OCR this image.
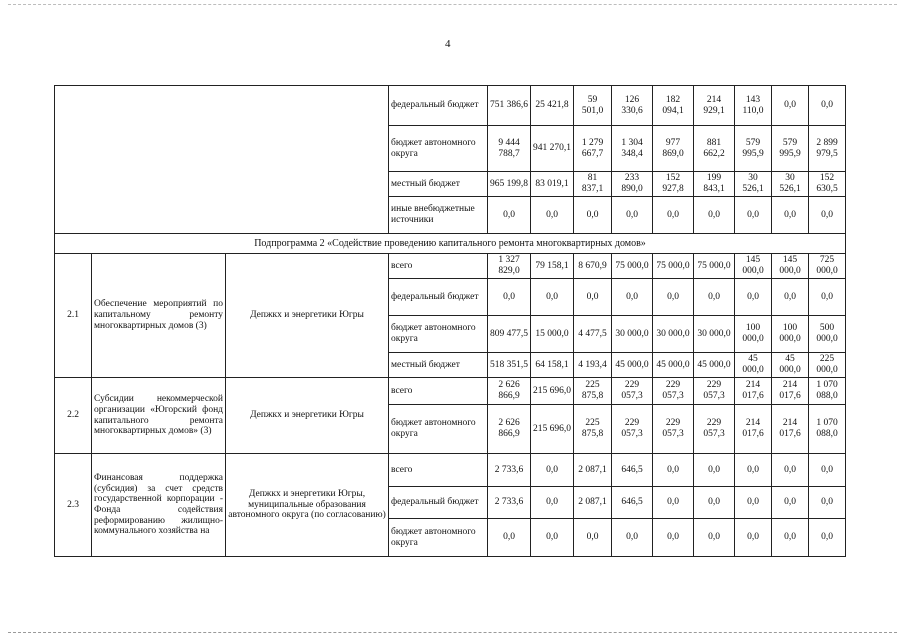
4
			федеральный бюджет	751 386,6	25 421,8	59 501,0	126 330,6	182 094,1	214 929,1	143 110,0	0,0	0,0
			бюджет автономного округа	9 444 788,7	941 270,1	1 279 667,7	1 304 348,4	977 869,0	881 662,2	579 995,9	579 995,9	2 899 979,5
			местный бюджет	965 199,8	83 019,1	81 837,1	233 890,0	152 927,8	199 843,1	30 526,1	30 526,1	152 630,5
			иные внебюджетные источники	0,0	0,0	0,0	0,0	0,0	0,0	0,0	0,0	0,0
Подпрограмма 2 «Содействие проведению капитального ремонта многоквартирных домов»												
2.1	Обеспечение мероприятий по капитальному ремонту многоквартирных домов (3)	Депжкх и энергетики Югры	всего	1 327 829,0	79 158,1	8 670,9	75 000,0	75 000,0	75 000,0	145 000,0	145 000,0	725 000,0
			федеральный бюджет	0,0	0,0	0,0	0,0	0,0	0,0	0,0	0,0	0,0
			бюджет автономного округа	809 477,5	15 000,0	4 477,5	30 000,0	30 000,0	30 000,0	100 000,0	100 000,0	500 000,0
			местный бюджет	518 351,5	64 158,1	4 193,4	45 000,0	45 000,0	45 000,0	45 000,0	45 000,0	225 000,0
2.2	Субсидии некоммерческой организации «Югорский фонд капитального ремонта многоквартирных домов» (3)	Депжкх и энергетики Югры	всего	2 626 866,9	215 696,0	225 875,8	229 057,3	229 057,3	229 057,3	214 017,6	214 017,6	1 070 088,0
			бюджет автономного округа	2 626 866,9	215 696,0	225 875,8	229 057,3	229 057,3	229 057,3	214 017,6	214 017,6	1 070 088,0
2.3	Финансовая поддержка (субсидия) за счет средств государственной корпорации - Фонда содействия реформированию жилищно-коммунального хозяйства на	Депжкх и энергетики Югры, муниципальные образования автономного округа (по согласованию)	всего	2 733,6	0,0	2 087,1	646,5	0,0	0,0	0,0	0,0	0,0
			федеральный бюджет	2 733,6	0,0	2 087,1	646,5	0,0	0,0	0,0	0,0	0,0
			бюджет автономного округа	0,0	0,0	0,0	0,0	0,0	0,0	0,0	0,0	0,0
